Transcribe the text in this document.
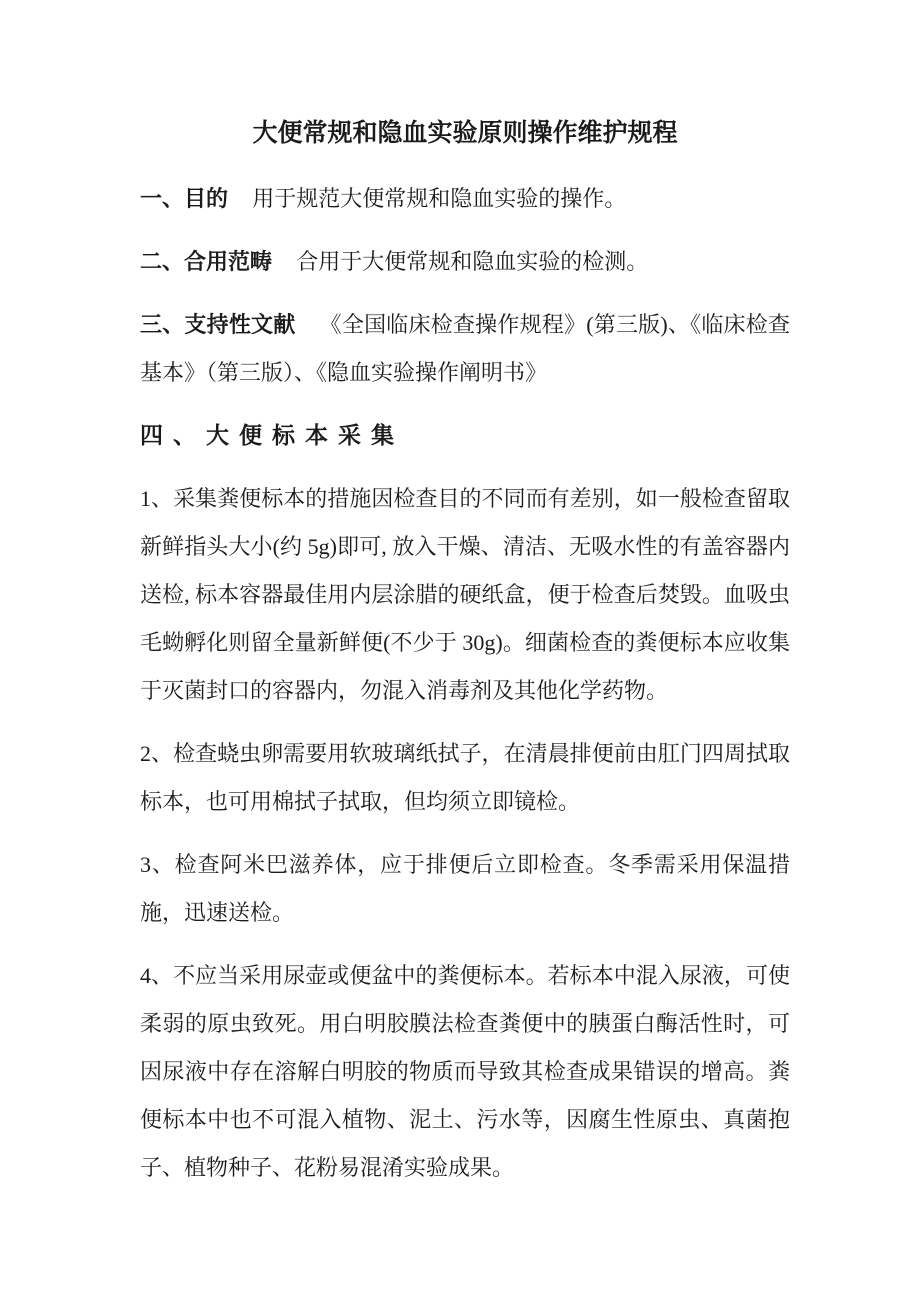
大便常规和隐血实验原则操作维护规程

一、目的 用于规范大便常规和隐血实验的操作。

二、合用范畴 合用于大便常规和隐血实验的检测。

三、支持性文献 《全国临床检查操作规程》(第三版)、《临床检查基本》（第三版）、《隐血实验操作阐明书》

四、大便标本采集

1、采集粪便标本的措施因检查目的不同而有差别，如一般检查留取新鲜指头大小(约 5g)即可, 放入干燥、清洁、无吸水性的有盖容器内送检, 标本容器最佳用内层涂腊的硬纸盒，便于检查后焚毁。血吸虫毛蚴孵化则留全量新鲜便(不少于 30g)。细菌检查的粪便标本应收集于灭菌封口的容器内，勿混入消毒剂及其他化学药物。

2、检查蛲虫卵需要用软玻璃纸拭子，在清晨排便前由肛门四周拭取标本，也可用棉拭子拭取，但均须立即镜检。

3、检查阿米巴滋养体，应于排便后立即检查。冬季需采用保温措施，迅速送检。

4、不应当采用尿壶或便盆中的粪便标本。若标本中混入尿液，可使柔弱的原虫致死。用白明胶膜法检查粪便中的胰蛋白酶活性时，可因尿液中存在溶解白明胶的物质而导致其检查成果错误的增高。粪便标本中也不可混入植物、泥土、污水等，因腐生性原虫、真菌抱子、植物种子、花粉易混淆实验成果。
